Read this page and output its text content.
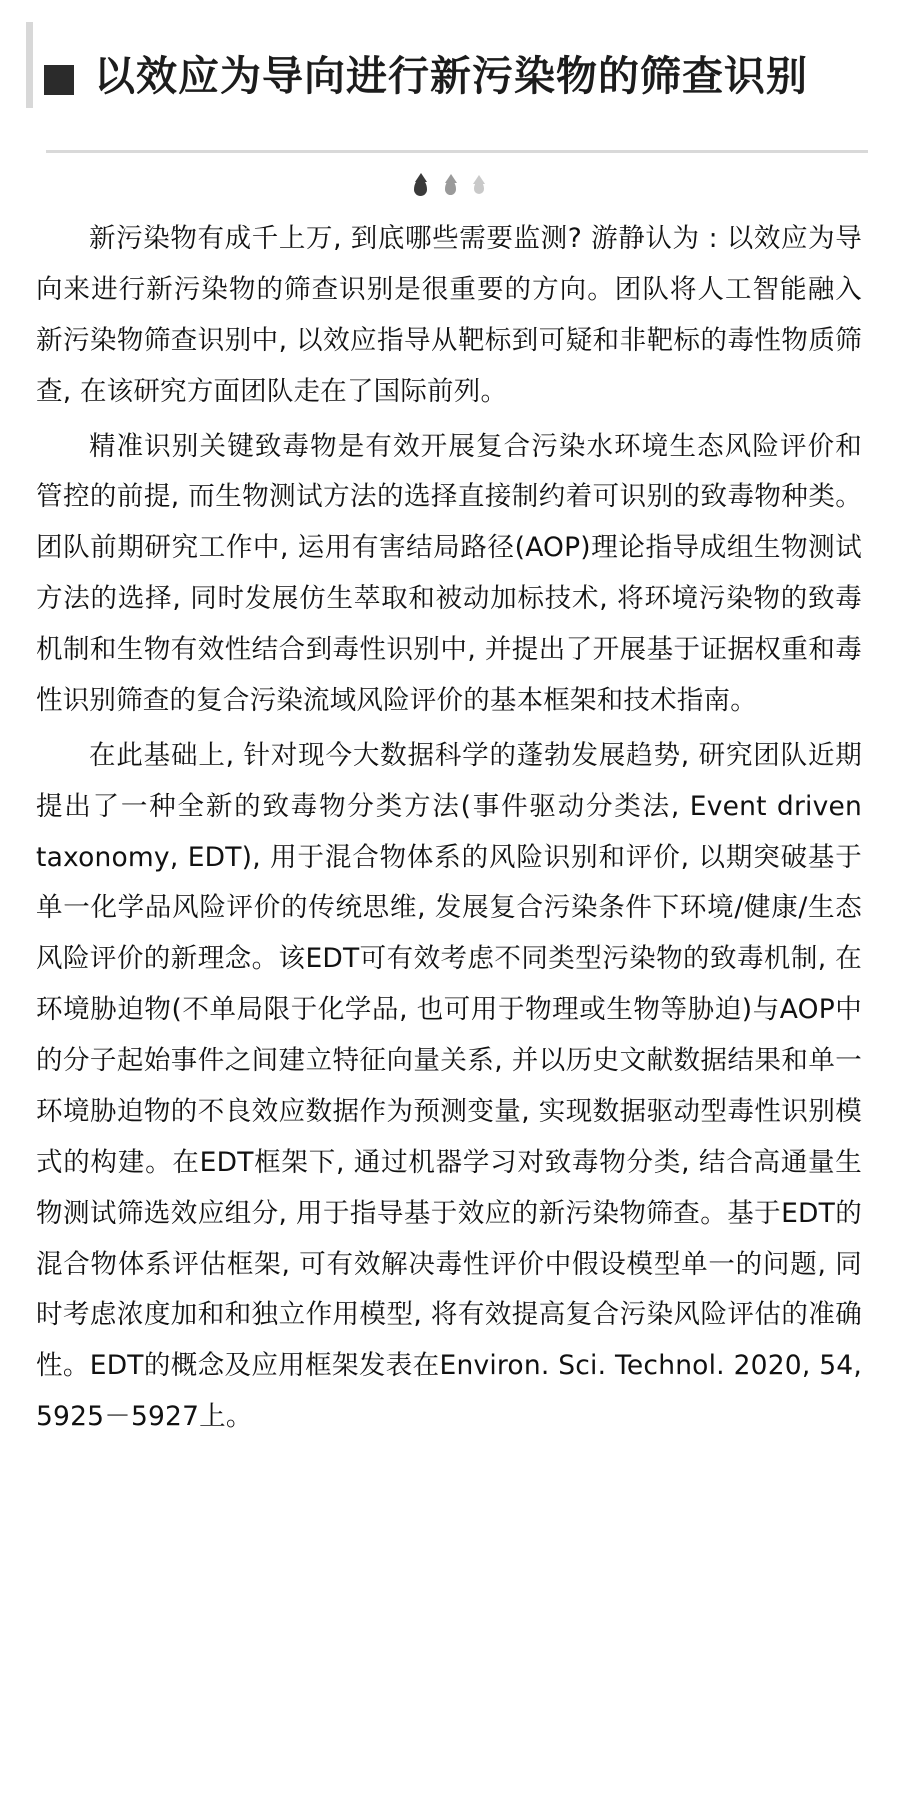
以效应为导向进行新污染物的筛查识别

新污染物有成千上万, 到底哪些需要监测? 游静认为 : 以效应为导向来进行新污染物的筛查识别是很重要的方向。团队将人工智能融入新污染物筛查识别中, 以效应指导从靶标到可疑和非靶标的毒性物质筛查, 在该研究方面团队走在了国际前列。

精准识别关键致毒物是有效开展复合污染水环境生态风险评价和管控的前提, 而生物测试方法的选择直接制约着可识别的致毒物种类。团队前期研究工作中, 运用有害结局路径(AOP)理论指导成组生物测试方法的选择, 同时发展仿生萃取和被动加标技术, 将环境污染物的致毒机制和生物有效性结合到毒性识别中, 并提出了开展基于证据权重和毒性识别筛查的复合污染流域风险评价的基本框架和技术指南。

在此基础上, 针对现今大数据科学的蓬勃发展趋势, 研究团队近期提出了一种全新的致毒物分类方法(事件驱动分类法, Event driven taxonomy, EDT), 用于混合物体系的风险识别和评价, 以期突破基于单一化学品风险评价的传统思维, 发展复合污染条件下环境/健康/生态风险评价的新理念。该EDT可有效考虑不同类型污染物的致毒机制, 在环境胁迫物(不单局限于化学品, 也可用于物理或生物等胁迫)与AOP中的分子起始事件之间建立特征向量关系, 并以历史文献数据结果和单一环境胁迫物的不良效应数据作为预测变量, 实现数据驱动型毒性识别模式的构建。在EDT框架下, 通过机器学习对致毒物分类, 结合高通量生物测试筛选效应组分, 用于指导基于效应的新污染物筛查。基于EDT的混合物体系评估框架, 可有效解决毒性评价中假设模型单一的问题, 同时考虑浓度加和和独立作用模型, 将有效提高复合污染风险评估的准确性。EDT的概念及应用框架发表在Environ. Sci. Technol. 2020, 54, 5925－5927上。
